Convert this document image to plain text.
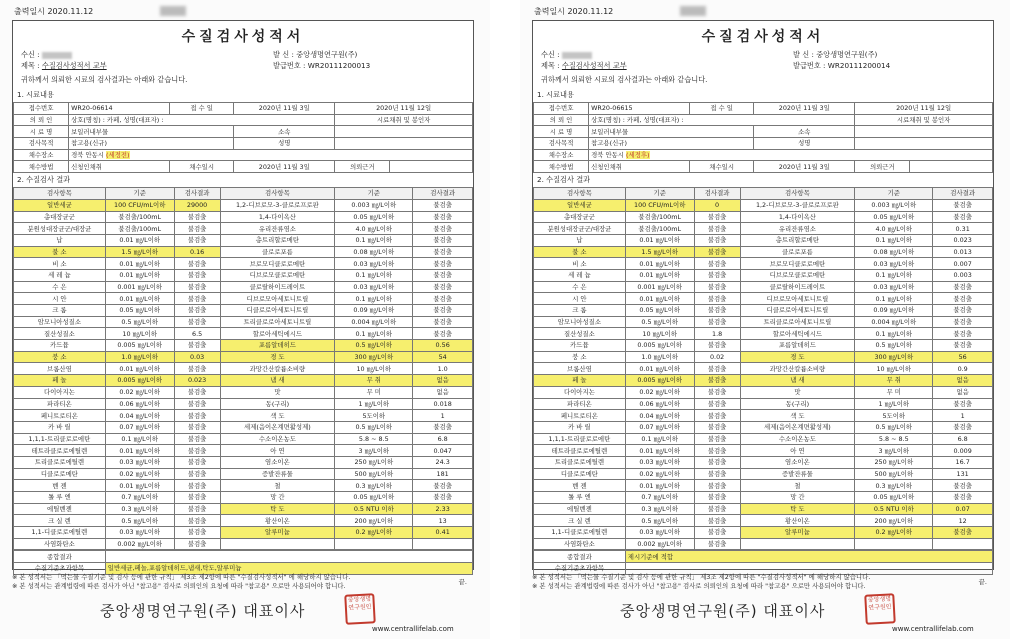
출력일시 2020.11.12
수질검사성적서
수신 :
제목 : 수질검사성적서 교부
발 신 : 중앙생명연구원(주)
발급번호 : WR20111200013
귀하께서 의뢰한 시료의 검사결과는 아래와 같습니다.
1. 시료내용
접수번호	WR20-06614	접 수 일	2020년 11월 3일	2020년 11월 12일	
의 뢰 인	상호(명칭) : 카페, 성명(대표자) :			시료채취 및 봉인자	
시 료 명	보일러내부물		소속		
검사목적	참고용(신규)		성명		
채수장소	경북 안동시 (세정전)				
채수방법	신청인채취	채수일시	2020년 11월 3일	의뢰근거	
2. 수질검사 결과
검사항목	기준	검사결과	검사항목	기준	검사결과
일반세균	100 CFU/mL이하	29000	1,2-디브로모-3-클로로프로판	0.003 ㎎/L이하	불검출
총대장균군	불검출/100mL	불검출	1,4-다이옥산	0.05 ㎎/L이하	불검출
분원성대장균군/대장균	불검출/100mL	불검출	유리잔류염소	4.0 ㎎/L이하	불검출
납	0.01 ㎎/L이하	불검출	총트리할로메탄	0.1 ㎎/L이하	불검출
불 소	1.5 ㎎/L이하	0.16	클로로포름	0.08 ㎎/L이하	불검출
비 소	0.01 ㎎/L이하	불검출	브로모디클로로메탄	0.03 ㎎/L이하	불검출
세 레 늄	0.01 ㎎/L이하	불검출	디브로모클로로메탄	0.1 ㎎/L이하	불검출
수 은	0.001 ㎎/L이하	불검출	클로랄하이드레이트	0.03 ㎎/L이하	불검출
시 안	0.01 ㎎/L이하	불검출	디브로모아세토니트릴	0.1 ㎎/L이하	불검출
크 롬	0.05 ㎎/L이하	불검출	디클로로아세토니트릴	0.09 ㎎/L이하	불검출
암모니아성질소	0.5 ㎎/L이하	불검출	트리클로로아세토니트릴	0.004 ㎎/L이하	불검출
질산성질소	10 ㎎/L이하	6.5	할로아세틱에시드	0.1 ㎎/L이하	불검출
카드뮴	0.005 ㎎/L이하	불검출	포름알데히드	0.5 ㎎/L이하	0.56
붕 소	1.0 ㎎/L이하	0.03	경 도	300 ㎎/L이하	54
브롬산염	0.01 ㎎/L이하	불검출	과망간산칼륨소비량	10 ㎎/L이하	1.0
페 놀	0.005 ㎎/L이하	0.023	냄 새	무 취	없음
다이아지논	0.02 ㎎/L이하	불검출	맛	무 미	없음
파라티온	0.06 ㎎/L이하	불검출	동(구리)	1 ㎎/L이하	0.018
페니트로티온	0.04 ㎎/L이하	불검출	색 도	5도이하	1
카 바 릴	0.07 ㎎/L이하	불검출	세제(음이온계면활성제)	0.5 ㎎/L이하	불검출
1,1,1-트리클로로에탄	0.1 ㎎/L이하	불검출	수소이온농도	5.8 ~ 8.5	6.8
테트라클로로에틸렌	0.01 ㎎/L이하	불검출	아 연	3 ㎎/L이하	0.047
트리클로로에틸렌	0.03 ㎎/L이하	불검출	염소이온	250 ㎎/L이하	24.3
디클로로메탄	0.02 ㎎/L이하	불검출	증발잔류물	500 ㎎/L이하	181
벤 젠	0.01 ㎎/L이하	불검출	철	0.3 ㎎/L이하	불검출
톨 루 엔	0.7 ㎎/L이하	불검출	망 간	0.05 ㎎/L이하	불검출
에틸벤젠	0.3 ㎎/L이하	불검출	탁 도	0.5 NTU 이하	2.33
크 실 렌	0.5 ㎎/L이하	불검출	황산이온	200 ㎎/L이하	13
1,1-디클로로에틸렌	0.03 ㎎/L이하	불검출	알루미늄	0.2 ㎎/L이하	0.41
사염화탄소	0.002 ㎎/L이하	불검출			
종합결과	
수질기준초과항목	일반세균,페놀,포름알데히드,냄새,탁도,알루미늄
끝.
※ 본 성적서는 「먹는물 수질기준 및 검사 등에 관한 규칙」 제3조 제2항에 따른 "수질검사성적서" 에 해당하지 않습니다.
※ 본 성적서는 관계법령에 따른 검사가 아닌 "참고용" 검사로 의뢰인의 요청에 따라 "참고용" 으로만 사용되어야 합니다.
중앙생명연구원(주) 대표이사
중앙생명연구원인
www.centrallifelab.com
출력일시 2020.11.12
수질검사성적서
수신 :
제목 : 수질검사성적서 교부
발 신 : 중앙생명연구원(주)
발급번호 : WR20111200014
귀하께서 의뢰한 시료의 검사결과는 아래와 같습니다.
1. 시료내용
접수번호	WR20-06615	접 수 일	2020년 11월 3일	2020년 11월 12일	
의 뢰 인	상호(명칭) : 카페, 성명(대표자) :			시료채취 및 봉인자	
시 료 명	보일러내부물		소속		
검사목적	참고용(신규)		성명		
채수장소	경북 안동시 (세정후)				
채수방법	신청인채취	채수일시	2020년 11월 3일	의뢰근거	
2. 수질검사 결과
검사항목	기준	검사결과	검사항목	기준	검사결과
일반세균	100 CFU/mL이하	0	1,2-디브로모-3-클로로프로판	0.003 ㎎/L이하	불검출
총대장균군	불검출/100mL	불검출	1,4-다이옥산	0.05 ㎎/L이하	불검출
분원성대장균군/대장균	불검출/100mL	불검출	유리잔류염소	4.0 ㎎/L이하	0.31
납	0.01 ㎎/L이하	불검출	총트리할로메탄	0.1 ㎎/L이하	0.023
불 소	1.5 ㎎/L이하	불검출	클로로포름	0.08 ㎎/L이하	0.013
비 소	0.01 ㎎/L이하	불검출	브로모디클로로메탄	0.03 ㎎/L이하	0.007
세 레 늄	0.01 ㎎/L이하	불검출	디브로모클로로메탄	0.1 ㎎/L이하	0.003
수 은	0.001 ㎎/L이하	불검출	클로랄하이드레이트	0.03 ㎎/L이하	불검출
시 안	0.01 ㎎/L이하	불검출	디브로모아세토니트릴	0.1 ㎎/L이하	불검출
크 롬	0.05 ㎎/L이하	불검출	디클로로아세토니트릴	0.09 ㎎/L이하	불검출
암모니아성질소	0.5 ㎎/L이하	불검출	트리클로로아세토니트릴	0.004 ㎎/L이하	불검출
질산성질소	10 ㎎/L이하	1.8	할로아세틱에시드	0.1 ㎎/L이하	불검출
카드뮴	0.005 ㎎/L이하	불검출	포름알데히드	0.5 ㎎/L이하	불검출
붕 소	1.0 ㎎/L이하	0.02	경 도	300 ㎎/L이하	56
브롬산염	0.01 ㎎/L이하	불검출	과망간산칼륨소비량	10 ㎎/L이하	0.9
페 놀	0.005 ㎎/L이하	불검출	냄 새	무 취	없음
다이아지논	0.02 ㎎/L이하	불검출	맛	무 미	없음
파라티온	0.06 ㎎/L이하	불검출	동(구리)	1 ㎎/L이하	불검출
페니트로티온	0.04 ㎎/L이하	불검출	색 도	5도이하	1
카 바 릴	0.07 ㎎/L이하	불검출	세제(음이온계면활성제)	0.5 ㎎/L이하	불검출
1,1,1-트리클로로에탄	0.1 ㎎/L이하	불검출	수소이온농도	5.8 ~ 8.5	6.8
테트라클로로에틸렌	0.01 ㎎/L이하	불검출	아 연	3 ㎎/L이하	0.009
트리클로로에틸렌	0.03 ㎎/L이하	불검출	염소이온	250 ㎎/L이하	16.7
디클로로메탄	0.02 ㎎/L이하	불검출	증발잔류물	500 ㎎/L이하	131
벤 젠	0.01 ㎎/L이하	불검출	철	0.3 ㎎/L이하	불검출
톨 루 엔	0.7 ㎎/L이하	불검출	망 간	0.05 ㎎/L이하	불검출
에틸벤젠	0.3 ㎎/L이하	불검출	탁 도	0.5 NTU 이하	0.07
크 실 렌	0.5 ㎎/L이하	불검출	황산이온	200 ㎎/L이하	12
1,1-디클로로에틸렌	0.03 ㎎/L이하	불검출	알루미늄	0.2 ㎎/L이하	불검출
사염화탄소	0.002 ㎎/L이하	불검출			
종합결과	제시기준에 적합
수질기준초과항목	
끝.
※ 본 성적서는 「먹는물 수질기준 및 검사 등에 관한 규칙」 제3조 제2항에 따른 "수질검사성적서" 에 해당하지 않습니다.
※ 본 성적서는 관계법령에 따른 검사가 아닌 "참고용" 검사로 의뢰인의 요청에 따라 "참고용" 으로만 사용되어야 합니다.
중앙생명연구원(주) 대표이사
중앙생명연구원인
www.centrallifelab.com
